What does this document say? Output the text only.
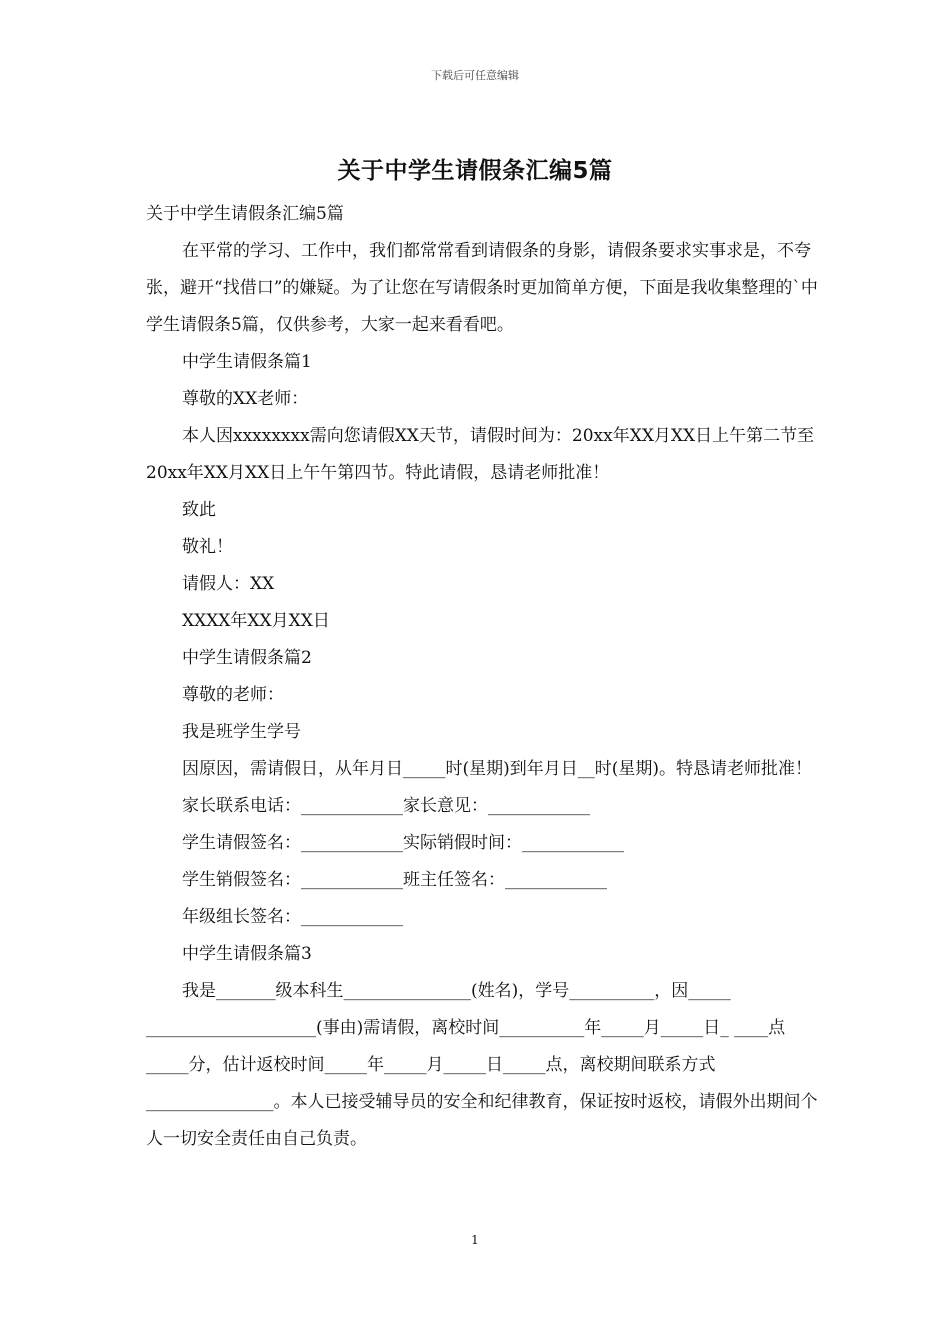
下载后可任意编辑
关于中学生请假条汇编5篇

关于中学生请假条汇编5篇

在平常的学习、工作中，我们都常常看到请假条的身影，请假条要求实事求是，不夸张，避开“找借口”的嫌疑。为了让您在写请假条时更加简单方便，下面是我收集整理的`中学生请假条5篇，仅供参考，大家一起来看看吧。

中学生请假条篇1

尊敬的XX老师：

本人因xxxxxxxx需向您请假XX天节，请假时间为：20xx年XX月XX日上午第二节至20xx年XX月XX日上午午第四节。特此请假，恳请老师批准！

致此

敬礼！

请假人：XX

XXXX年XX月XX日

中学生请假条篇2

尊敬的老师：

我是班学生学号

因原因，需请假日，从年月日_____时(星期)到年月日__时(星期)。特恳请老师批准！

家长联系电话：____________家长意见：____________

学生请假签名：____________实际销假时间：____________

学生销假签名：____________班主任签名：____________

年级组长签名：____________

中学生请假条篇3

我是_______级本科生_______________(姓名)，学号__________，因_____ ____________________(事由)需请假，离校时间__________年_____月_____日_ ____点_____分，估计返校时间_____年_____月_____日_____点，离校期间联系方式_______________。本人已接受辅导员的安全和纪律教育，保证按时返校，请假外出期间个人一切安全责任由自己负责。

1
